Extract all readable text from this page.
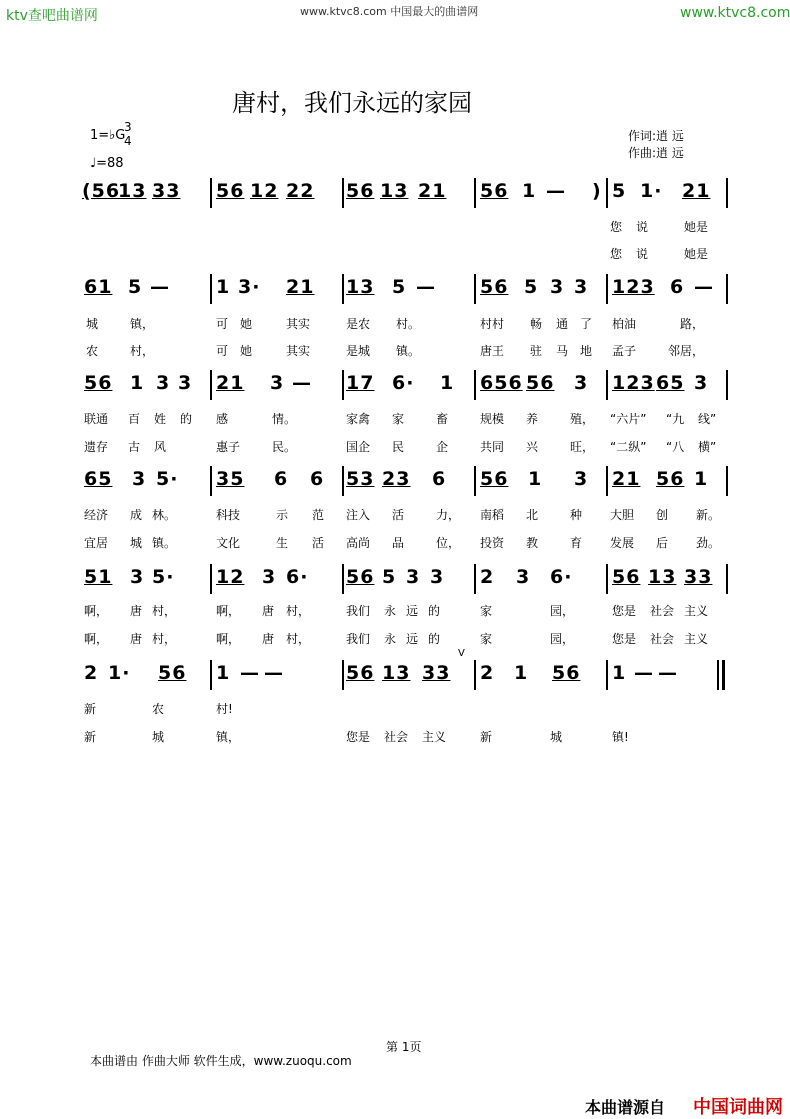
ktv查吧曲谱网	www.ktvc8.com 中国最大的曲谱网	www.ktvc8.com
唐村，我们永远的家园
1=♭G
3
4
♩=88
作词:逍 远
作曲:逍 远
(56
13 33 56 12 22 56 13 21 56 1 — ) 5 1· 21
您 说	她是
您 说	她是
61 5 — 1 3· 21 13 5 — 56 5 3 3 123 6 —
城	镇，	可 她	其实	是农 村。	村村 畅 通 了 柏油	路，
农	村，	可 她	其实	是城 镇。	唐王 驻 马 地 孟子	邻居，
56 1 3 3 21 3 — 17 6· 1 656 56 3 123 65 3
联通 百 姓 的 感	情。	家禽 家	畜	规模 养	殖， “六片” “九 线”
遗存 古 风	惠子	民。	国企 民	企	共同 兴	旺， “二纵” “八 横”
65 3 5· 35 6 6 53 23 6 56 1 3 21 56 1
经济 成 林。	科技	示 范 注入 活	力， 南稻 北	种 大胆 创 新。
宜居 城 镇。	文化	生 活 高尚 品	位， 投资 教	育 发展 后 劲。
51 3 5· 12 3 6· 56 5 3 3 2 3 6· 56 13 33
啊， 唐 村，	啊， 唐 村，	我们 永 远 的	家	园，	您是 社会 主义
啊， 唐 村，	啊， 唐 村，	我们 永 远 的	家	园，	您是 社会 主义
2 1· 56 1 — —	56 13 33 2 1 56 1 — —
V
新	农	村!
新	城	镇，	您是 社会 主义	新	城	镇!
第 1页
本曲谱由 作曲大师 软件生成，www.zuoqu.com
本曲谱源自 中国词曲网
